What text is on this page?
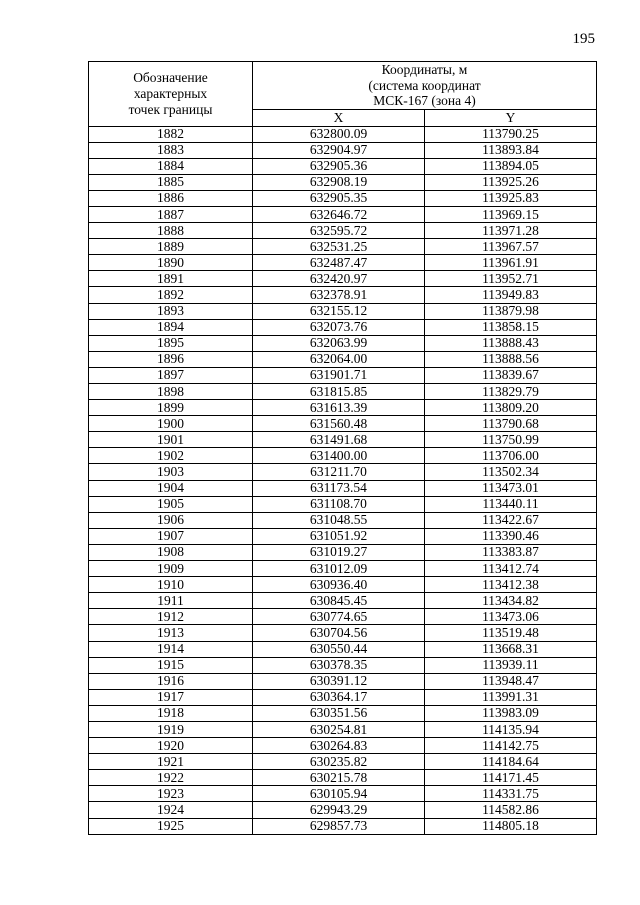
195
Обозначение
характерных
точек границы	Координаты, м
(система координат
МСК-167 (зона 4)	
	X	Y
1882	632800.09	113790.25
1883	632904.97	113893.84
1884	632905.36	113894.05
1885	632908.19	113925.26
1886	632905.35	113925.83
1887	632646.72	113969.15
1888	632595.72	113971.28
1889	632531.25	113967.57
1890	632487.47	113961.91
1891	632420.97	113952.71
1892	632378.91	113949.83
1893	632155.12	113879.98
1894	632073.76	113858.15
1895	632063.99	113888.43
1896	632064.00	113888.56
1897	631901.71	113839.67
1898	631815.85	113829.79
1899	631613.39	113809.20
1900	631560.48	113790.68
1901	631491.68	113750.99
1902	631400.00	113706.00
1903	631211.70	113502.34
1904	631173.54	113473.01
1905	631108.70	113440.11
1906	631048.55	113422.67
1907	631051.92	113390.46
1908	631019.27	113383.87
1909	631012.09	113412.74
1910	630936.40	113412.38
1911	630845.45	113434.82
1912	630774.65	113473.06
1913	630704.56	113519.48
1914	630550.44	113668.31
1915	630378.35	113939.11
1916	630391.12	113948.47
1917	630364.17	113991.31
1918	630351.56	113983.09
1919	630254.81	114135.94
1920	630264.83	114142.75
1921	630235.82	114184.64
1922	630215.78	114171.45
1923	630105.94	114331.75
1924	629943.29	114582.86
1925	629857.73	114805.18
